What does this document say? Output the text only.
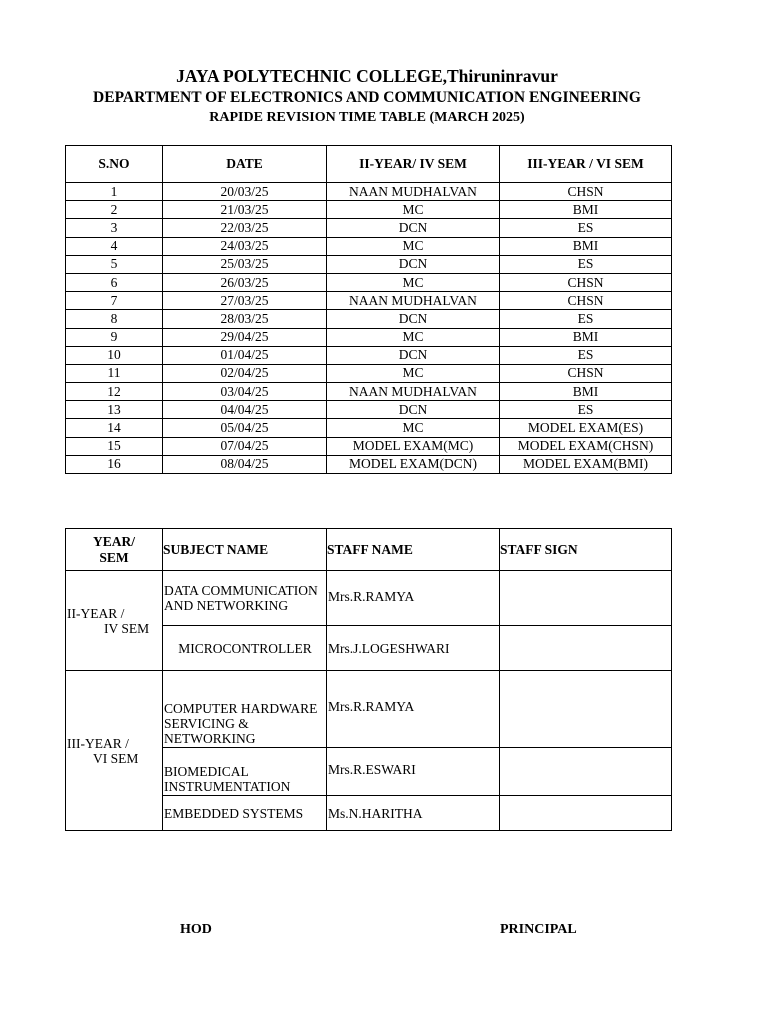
JAYA POLYTECHNIC COLLEGE,Thiruninravur
DEPARTMENT OF ELECTRONICS AND COMMUNICATION ENGINEERING
RAPIDE REVISION TIME TABLE (MARCH 2025)
S.NO	DATE	II-YEAR/ IV SEM	III-YEAR / VI SEM
1	20/03/25	NAAN MUDHALVAN	CHSN
2	21/03/25	MC	BMI
3	22/03/25	DCN	ES
4	24/03/25	MC	BMI
5	25/03/25	DCN	ES
6	26/03/25	MC	CHSN
7	27/03/25	NAAN MUDHALVAN	CHSN
8	28/03/25	DCN	ES
9	29/04/25	MC	BMI
10	01/04/25	DCN	ES
11	02/04/25	MC	CHSN
12	03/04/25	NAAN MUDHALVAN	BMI
13	04/04/25	DCN	ES
14	05/04/25	MC	MODEL EXAM(ES)
15	07/04/25	MODEL EXAM(MC)	MODEL EXAM(CHSN)
16	08/04/25	MODEL EXAM(DCN)	MODEL EXAM(BMI)
YEAR/
SEM	SUBJECT NAME	STAFF NAME	STAFF SIGN

II-YEAR /
IV SEM	DATA COMMUNICATION AND NETWORKING	Mrs.R.RAMYA	
	MICROCONTROLLER	Mrs.J.LOGESHWARI	

III-YEAR /
VI SEM	COMPUTER HARDWARE SERVICING & NETWORKING	Mrs.R.RAMYA	
	BIOMEDICAL INSTRUMENTATION	Mrs.R.ESWARI	
	EMBEDDED SYSTEMS	Ms.N.HARITHA	
HOD	PRINCIPAL
